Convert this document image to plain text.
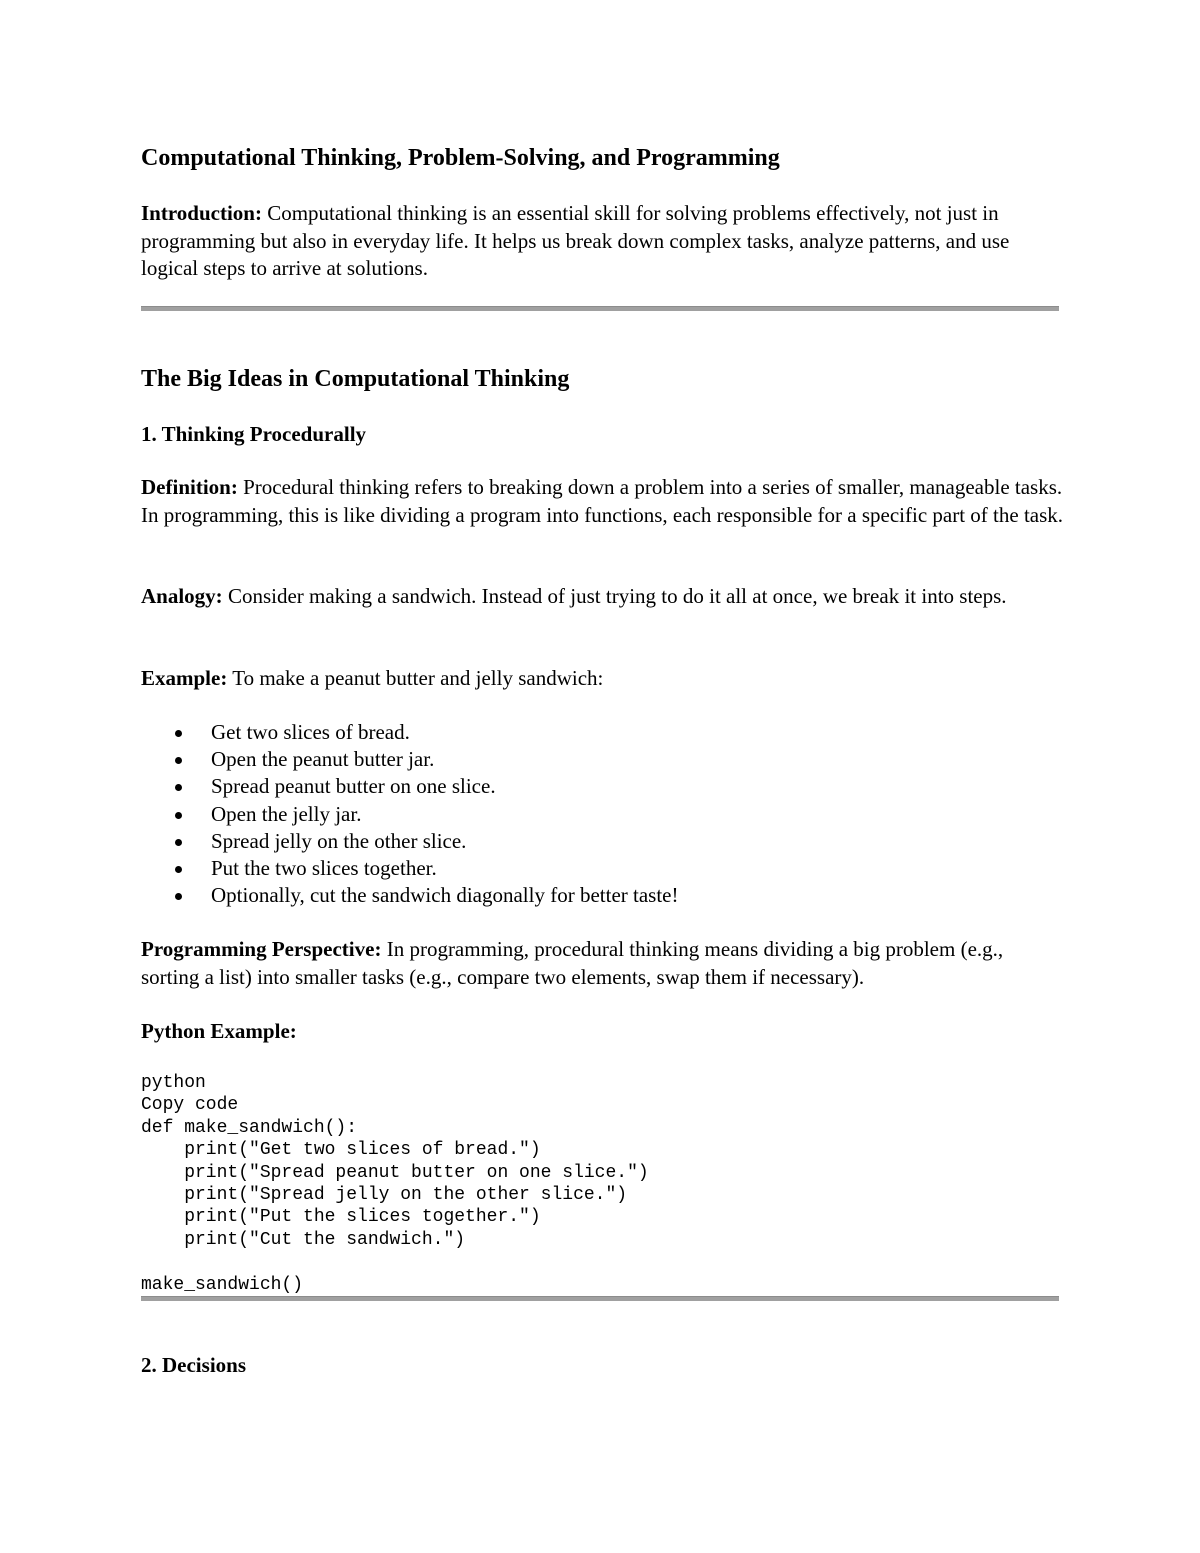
Computational Thinking, Problem-Solving, and Programming

Introduction: Computational thinking is an essential skill for solving problems effectively, not just in programming but also in everyday life. It helps us break down complex tasks, analyze patterns, and use logical steps to arrive at solutions.

The Big Ideas in Computational Thinking
1. Thinking Procedurally

Definition: Procedural thinking refers to breaking down a problem into a series of smaller, manageable tasks. In programming, this is like dividing a program into functions, each responsible for a specific part of the task.

Analogy: Consider making a sandwich. Instead of just trying to do it all at once, we break it into steps.

Example: To make a peanut butter and jelly sandwich:

Get two slices of bread.
Open the peanut butter jar.
Spread peanut butter on one slice.
Open the jelly jar.
Spread jelly on the other slice.
Put the two slices together.
Optionally, cut the sandwich diagonally for better taste!

Programming Perspective: In programming, procedural thinking means dividing a big problem (e.g., sorting a list) into smaller tasks (e.g., compare two elements, swap them if necessary).

Python Example:
python
Copy code
def make_sandwich():
print("Get two slices of bread.")
print("Spread peanut butter on one slice.")
print("Spread jelly on the other slice.")
print("Put the slices together.")
print("Cut the sandwich.")

make_sandwich()
2. Decisions
